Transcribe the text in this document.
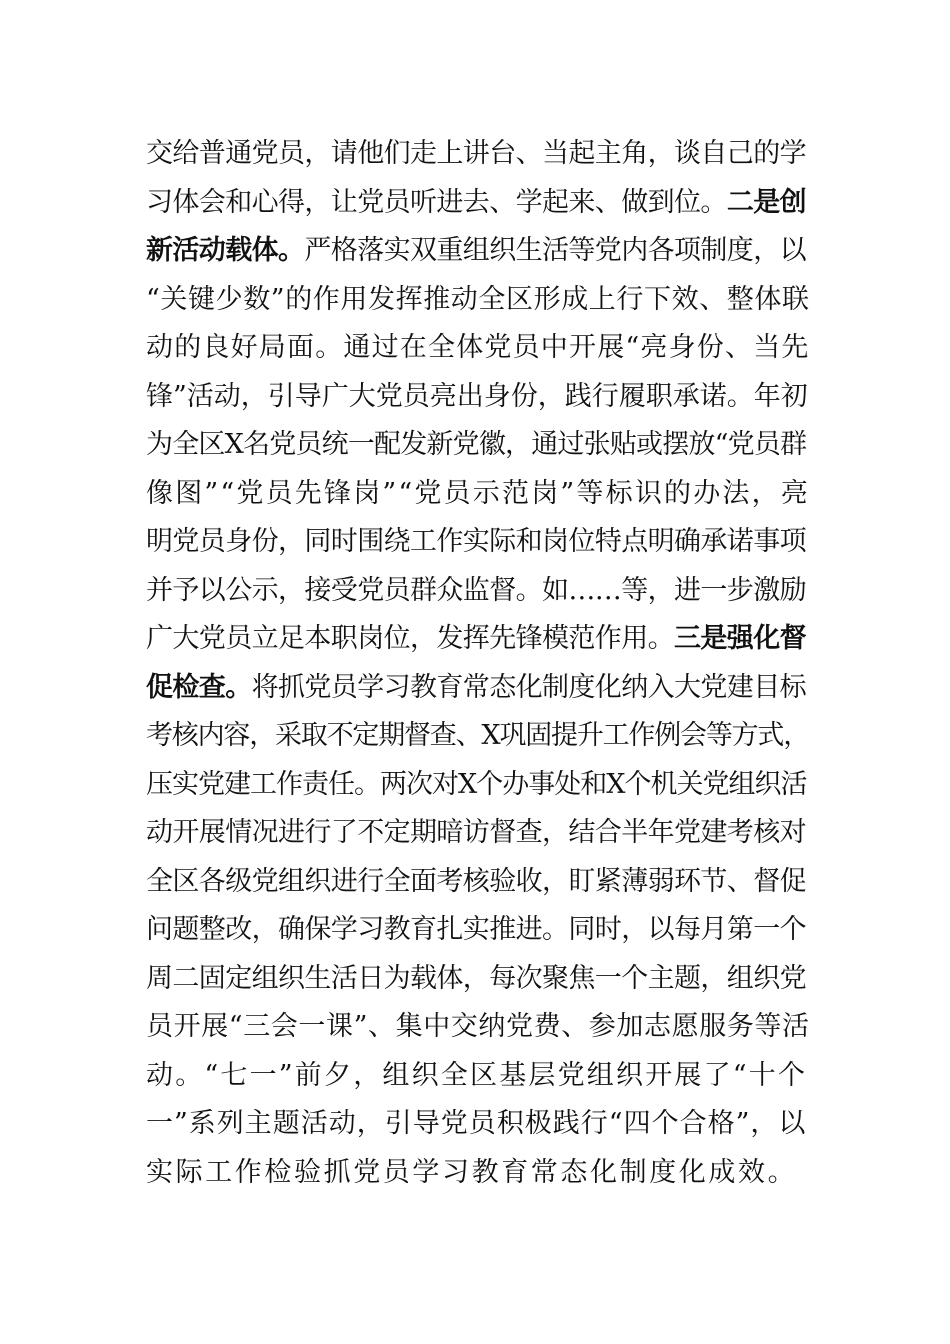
交给普通党员，请他们走上讲台、当起主角，谈自己的学
习体会和心得，让党员听进去、学起来、做到位。二是创
新活动载体。严格落实双重组织生活等党内各项制度，以
“关键少数”的作用发挥推动全区形成上行下效、整体联
动的良好局面。通过在全体党员中开展“亮身份、当先
锋”活动，引导广大党员亮出身份，践行履职承诺。年初
为全区X名党员统一配发新党徽，通过张贴或摆放“党员群
像图”“党员先锋岗”“党员示范岗”等标识的办法，亮
明党员身份，同时围绕工作实际和岗位特点明确承诺事项
并予以公示，接受党员群众监督。如……等，进一步激励
广大党员立足本职岗位，发挥先锋模范作用。三是强化督
促检查。将抓党员学习教育常态化制度化纳入大党建目标
考核内容，采取不定期督查、X巩固提升工作例会等方式，
压实党建工作责任。两次对X个办事处和X个机关党组织活
动开展情况进行了不定期暗访督查，结合半年党建考核对
全区各级党组织进行全面考核验收，盯紧薄弱环节、督促
问题整改，确保学习教育扎实推进。同时，以每月第一个
周二固定组织生活日为载体，每次聚焦一个主题，组织党
员开展“三会一课”、集中交纳党费、参加志愿服务等活
动。“七一”前夕，组织全区基层党组织开展了“十个
一”系列主题活动，引导党员积极践行“四个合格”，以
实际工作检验抓党员学习教育常态化制度化成效。
